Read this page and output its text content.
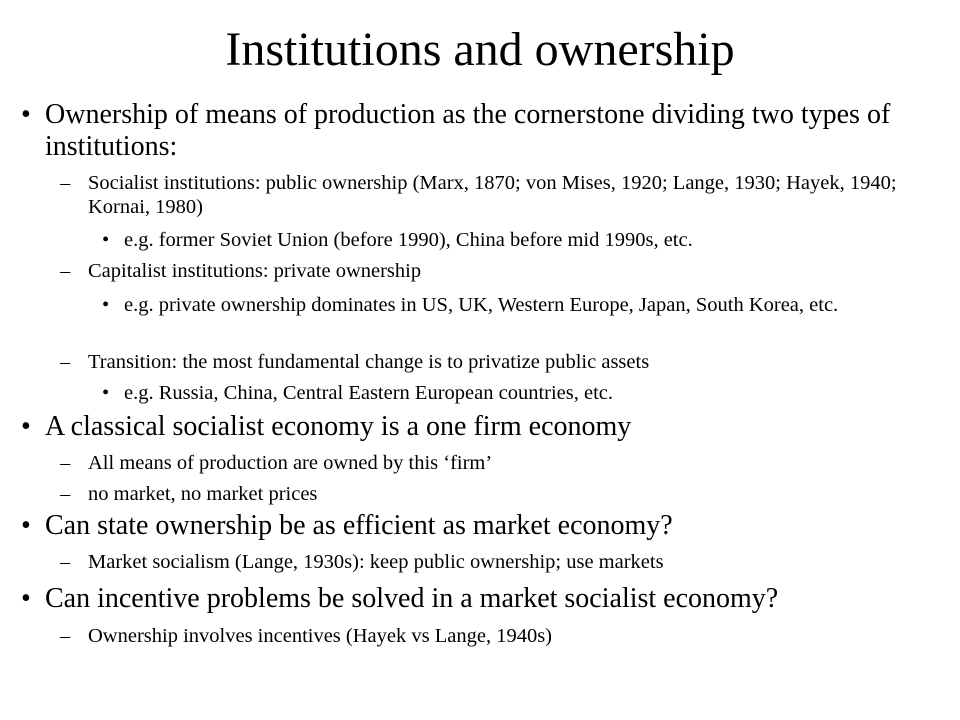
Institutions and ownership
• Ownership of means of production as the cornerstone dividing two types of institutions:
– Socialist institutions: public ownership (Marx, 1870; von Mises, 1920; Lange, 1930; Hayek, 1940; Kornai, 1980)
• e.g. former Soviet Union (before 1990), China before mid 1990s, etc.
– Capitalist institutions: private ownership
• e.g. private ownership dominates in US, UK, Western Europe, Japan, South Korea, etc.
– Transition: the most fundamental change is to privatize public assets
• e.g. Russia, China, Central Eastern European countries, etc.
• A classical socialist economy is a one firm economy
– All means of production are owned by this ‘firm’
– no market, no market prices
• Can state ownership be as efficient as market economy?
– Market socialism (Lange, 1930s): keep public ownership; use markets
• Can incentive problems be solved in a market socialist economy?
– Ownership involves incentives (Hayek vs Lange, 1940s)
